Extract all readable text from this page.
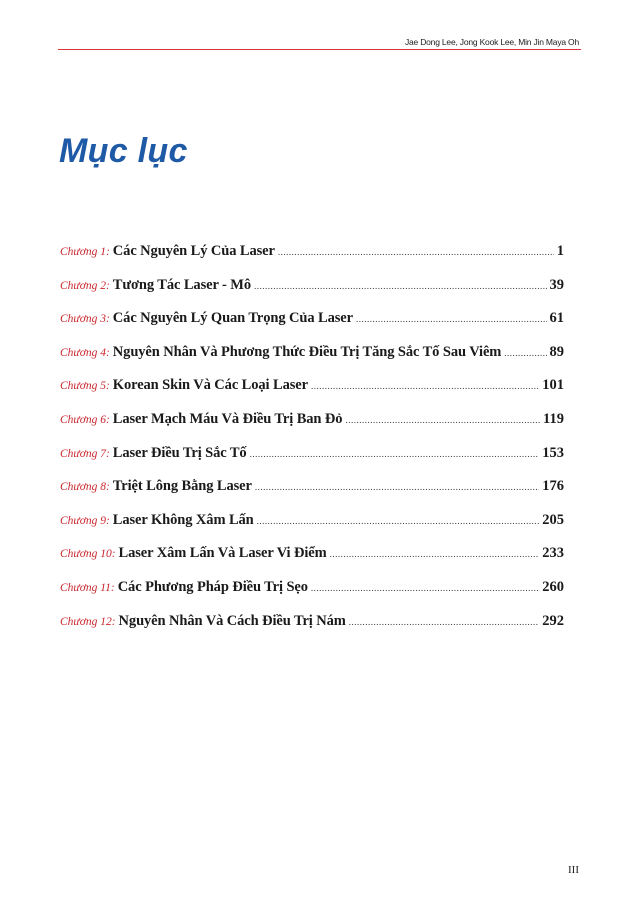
Jae Dong Lee, Jong Kook Lee, Min Jin Maya Oh
Mục lục
Chương 1: Các Nguyên Lý Của Laser .....	1
Chương 2: Tương Tác Laser - Mô .....	39
Chương 3: Các Nguyên Lý Quan Trọng Của Laser .....	61
Chương 4: Nguyên Nhân Và Phương Thức Điều Trị Tăng Sắc Tố Sau Viêm .....	89
Chương 5: Korean Skin Và Các Loại Laser .....	101
Chương 6: Laser Mạch Máu Và Điều Trị Ban Đỏ .....	119
Chương 7: Laser Điều Trị Sắc Tố .....	153
Chương 8: Triệt Lông Bằng Laser .....	176
Chương 9: Laser Không Xâm Lấn .....	205
Chương 10: Laser Xâm Lấn Và Laser Vi Điểm .....	233
Chương 11: Các Phương Pháp Điều Trị Sẹo .....	260
Chương 12: Nguyên Nhân Và Cách Điều Trị Nám .....	292
III
